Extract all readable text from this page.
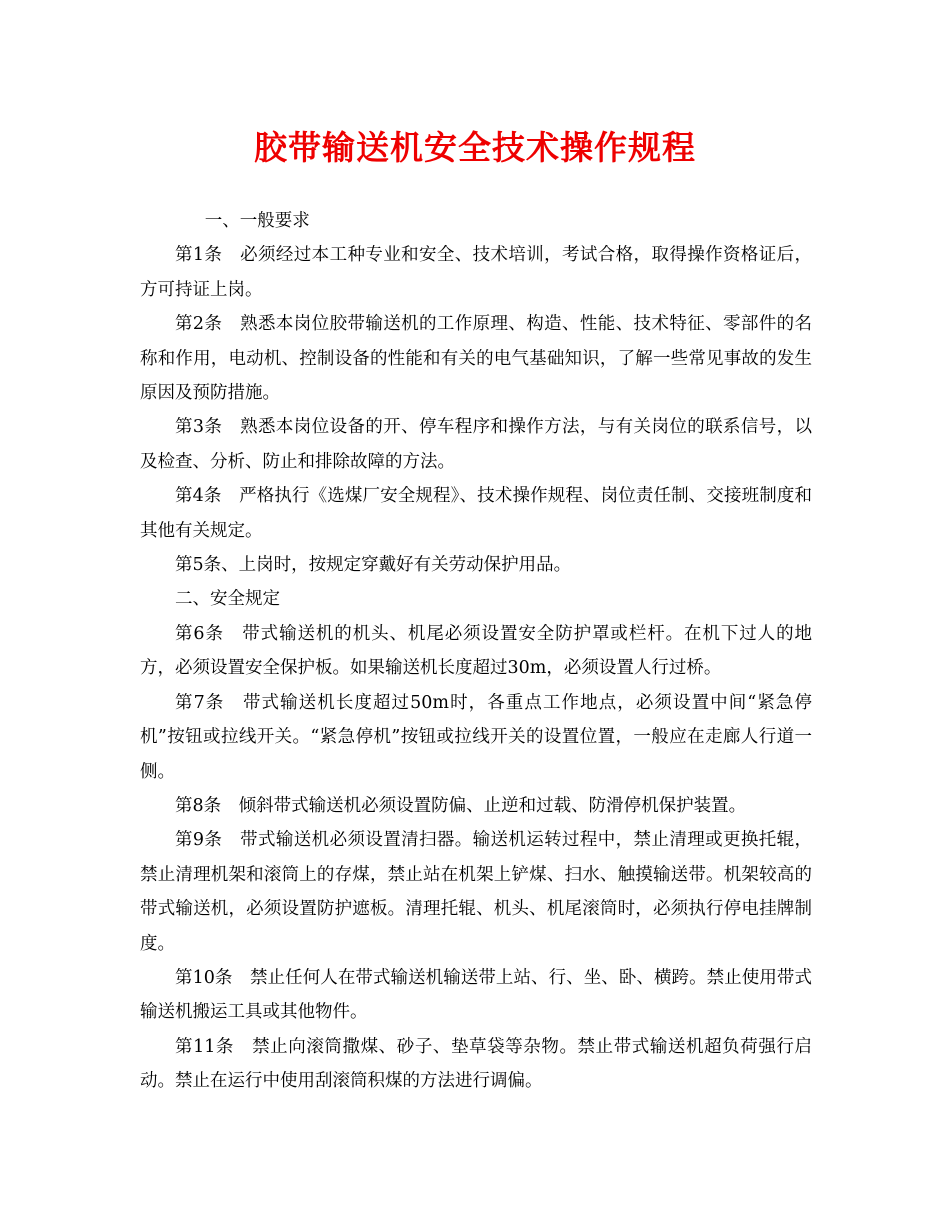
胶带输送机安全技术操作规程

一、一般要求

第1条　必须经过本工种专业和安全、技术培训，考试合格，取得操作资格证后，方可持证上岗。

第2条　熟悉本岗位胶带输送机的工作原理、构造、性能、技术特征、零部件的名称和作用，电动机、控制设备的性能和有关的电气基础知识，了解一些常见事故的发生原因及预防措施。

第3条　熟悉本岗位设备的开、停车程序和操作方法，与有关岗位的联系信号，以及检查、分析、防止和排除故障的方法。

第4条　严格执行《选煤厂安全规程》、技术操作规程、岗位责任制、交接班制度和其他有关规定。

第5条、上岗时，按规定穿戴好有关劳动保护用品。

二、安全规定

第6条　带式输送机的机头、机尾必须设置安全防护罩或栏杆。在机下过人的地方，必须设置安全保护板。如果输送机长度超过30m，必须设置人行过桥。

第7条　带式输送机长度超过50m时，各重点工作地点，必须设置中间“紧急停机”按钮或拉线开关。“紧急停机”按钮或拉线开关的设置位置，一般应在走廊人行道一侧。

第8条　倾斜带式输送机必须设置防偏、止逆和过载、防滑停机保护装置。

第9条　带式输送机必须设置清扫器。输送机运转过程中，禁止清理或更换托辊，禁止清理机架和滚筒上的存煤，禁止站在机架上铲煤、扫水、触摸输送带。机架较高的带式输送机，必须设置防护遮板。清理托辊、机头、机尾滚筒时，必须执行停电挂牌制度。

第10条　禁止任何人在带式输送机输送带上站、行、坐、卧、横跨。禁止使用带式输送机搬运工具或其他物件。

第11条　禁止向滚筒撒煤、砂子、垫草袋等杂物。禁止带式输送机超负荷强行启动。禁止在运行中使用刮滚筒积煤的方法进行调偏。
